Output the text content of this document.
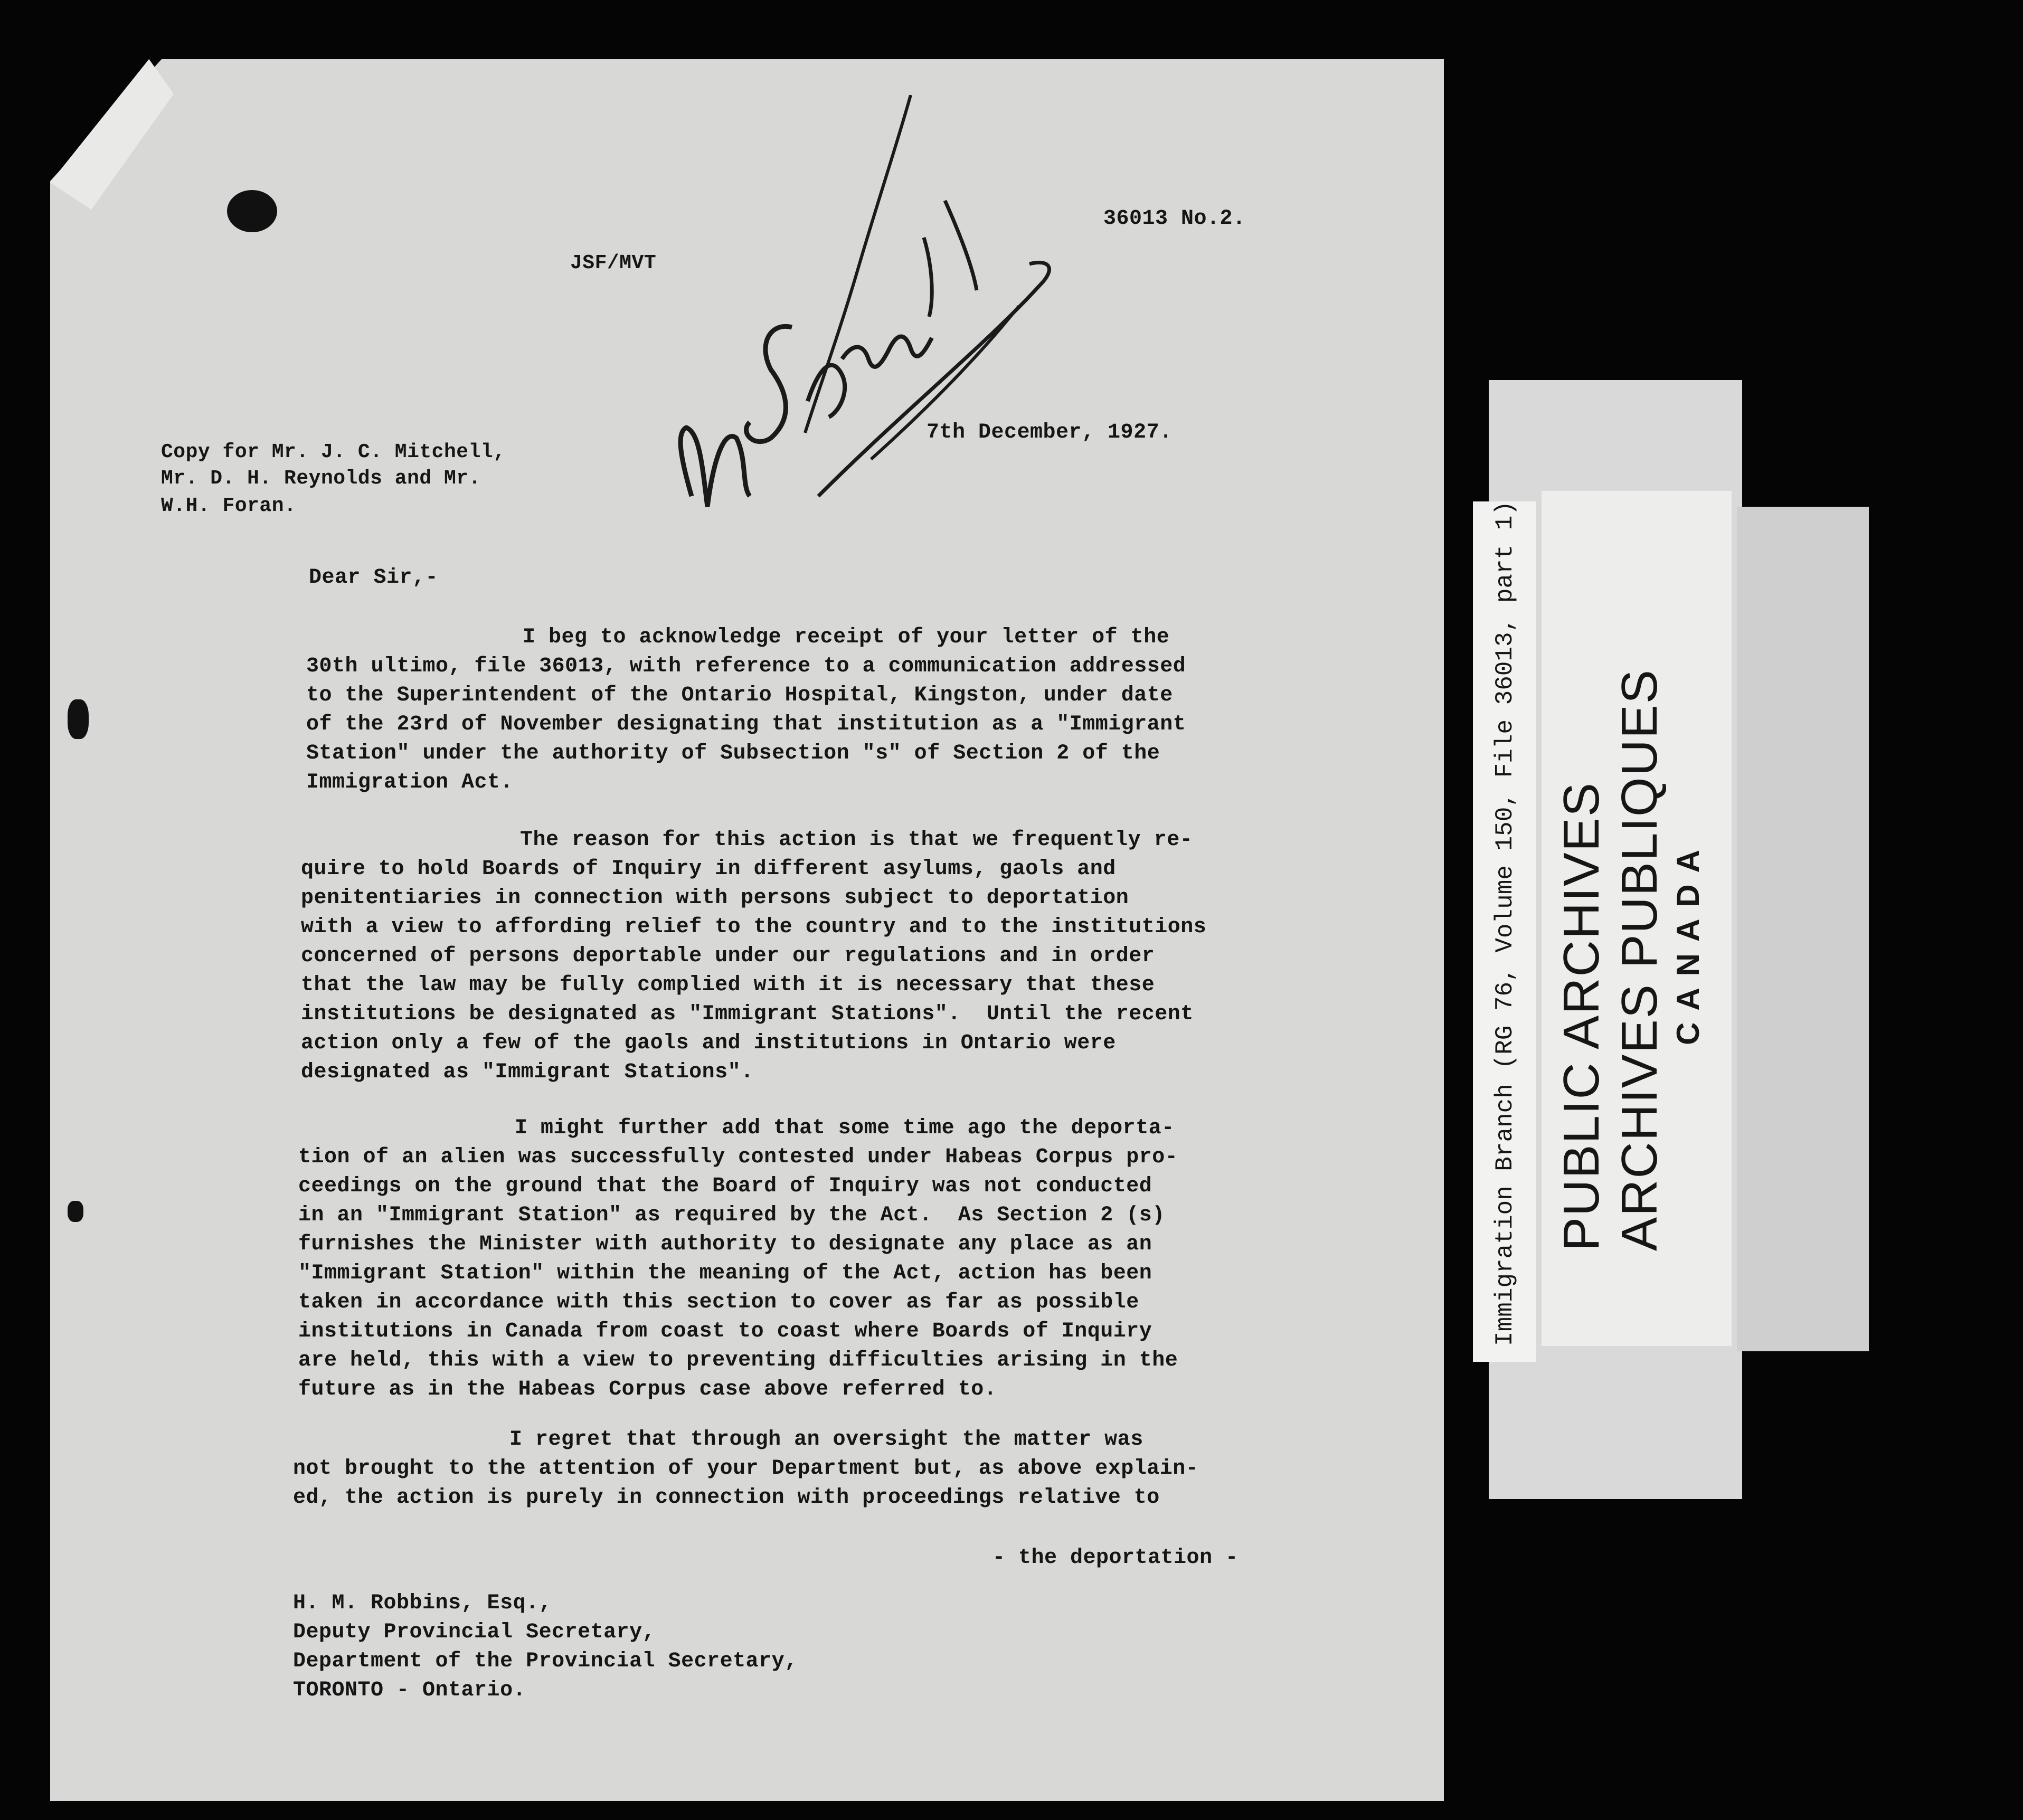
36013 No.2.
JSF/MVT
7th December, 1927.
Copy for Mr. J. C. Mitchell,
Mr. D. H. Reynolds and Mr.
W.H. Foran.
Dear Sir,-
I beg to acknowledge receipt of your letter of the
30th ultimo, file 36013, with reference to a communication addressed
to the Superintendent of the Ontario Hospital, Kingston, under date
of the 23rd of November designating that institution as a "Immigrant
Station" under the authority of Subsection "s" of Section 2 of the
Immigration Act.
The reason for this action is that we frequently re-
quire to hold Boards of Inquiry in different asylums, gaols and
penitentiaries in connection with persons subject to deportation
with a view to affording relief to the country and to the institutions
concerned of persons deportable under our regulations and in order
that the law may be fully complied with it is necessary that these
institutions be designated as "Immigrant Stations".  Until the recent
action only a few of the gaols and institutions in Ontario were
designated as "Immigrant Stations".
I might further add that some time ago the deporta-
tion of an alien was successfully contested under Habeas Corpus pro-
ceedings on the ground that the Board of Inquiry was not conducted
in an "Immigrant Station" as required by the Act.  As Section 2 (s)
furnishes the Minister with authority to designate any place as an
"Immigrant Station" within the meaning of the Act, action has been
taken in accordance with this section to cover as far as possible
institutions in Canada from coast to coast where Boards of Inquiry
are held, this with a view to preventing difficulties arising in the
future as in the Habeas Corpus case above referred to.
I regret that through an oversight the matter was
not brought to the attention of your Department but, as above explain-
ed, the action is purely in connection with proceedings relative to
- the deportation -
H. M. Robbins, Esq.,
Deputy Provincial Secretary,
Department of the Provincial Secretary,
TORONTO - Ontario.
Immigration Branch (RG 76, Volume 150, File 36013, part 1) PUBLIC ARCHIVES ARCHIVES PUBLIQUES CANADA
